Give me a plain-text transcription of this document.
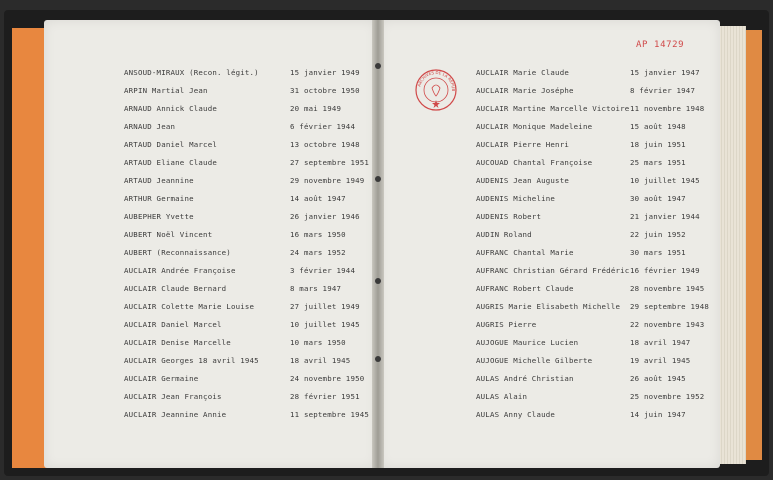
AP 14729
ARCHIVES DE LA REPUB
ANSOUD-MIRAUX (Recon. légit.)	15 janvier 1949
ARPIN Martial Jean	31 octobre 1950
ARNAUD Annick Claude	20 mai 1949
ARNAUD Jean	6 février 1944
ARTAUD Daniel Marcel	13 octobre 1948
ARTAUD Eliane Claude	27 septembre 1951
ARTAUD Jeannine	29 novembre 1949
ARTHUR Germaine	14 août 1947
AUBEPHER Yvette	26 janvier 1946
AUBERT Noël Vincent	16 mars 1950
AUBERT (Reconnaissance)	24 mars 1952
AUCLAIR Andrée Françoise	3 février 1944
AUCLAIR Claude Bernard	8 mars 1947
AUCLAIR Colette Marie Louise	27 juillet 1949
AUCLAIR Daniel Marcel	10 juillet 1945
AUCLAIR Denise Marcelle	10 mars 1950
AUCLAIR Georges 18 avril 1945	18 avril 1945
AUCLAIR Germaine	24 novembre 1950
AUCLAIR Jean François	28 février 1951
AUCLAIR Jeannine Annie	11 septembre 1945
AUCLAIR Marie Claude	15 janvier 1947
AUCLAIR Marie Joséphe	8 février 1947
AUCLAIR Martine Marcelle Victoire 11 novembre 1948
AUCLAIR Monique Madeleine	15 août 1948
AUCLAIR Pierre Henri	18 juin 1951
AUCOUAD Chantal Françoise	25 mars 1951
AUDENIS Jean Auguste	10 juillet 1945
AUDENIS Micheline	30 août 1947
AUDENIS Robert	21 janvier 1944
AUDIN Roland	22 juin 1952
AUFRANC Chantal Marie	30 mars 1951
AUFRANC Christian Gérard Frédéric 16 février 1949
AUFRANC Robert Claude	28 novembre 1945
AUGRIS Marie Elisabeth Michelle 29 septembre 1948
AUGRIS Pierre	22 novembre 1943
AUJOGUE Maurice Lucien	18 avril 1947
AUJOGUE Michelle Gilberte	19 avril 1945
AULAS André Christian	26 août 1945
AULAS Alain	25 novembre 1952
AULAS Anny Claude	14 juin 1947
